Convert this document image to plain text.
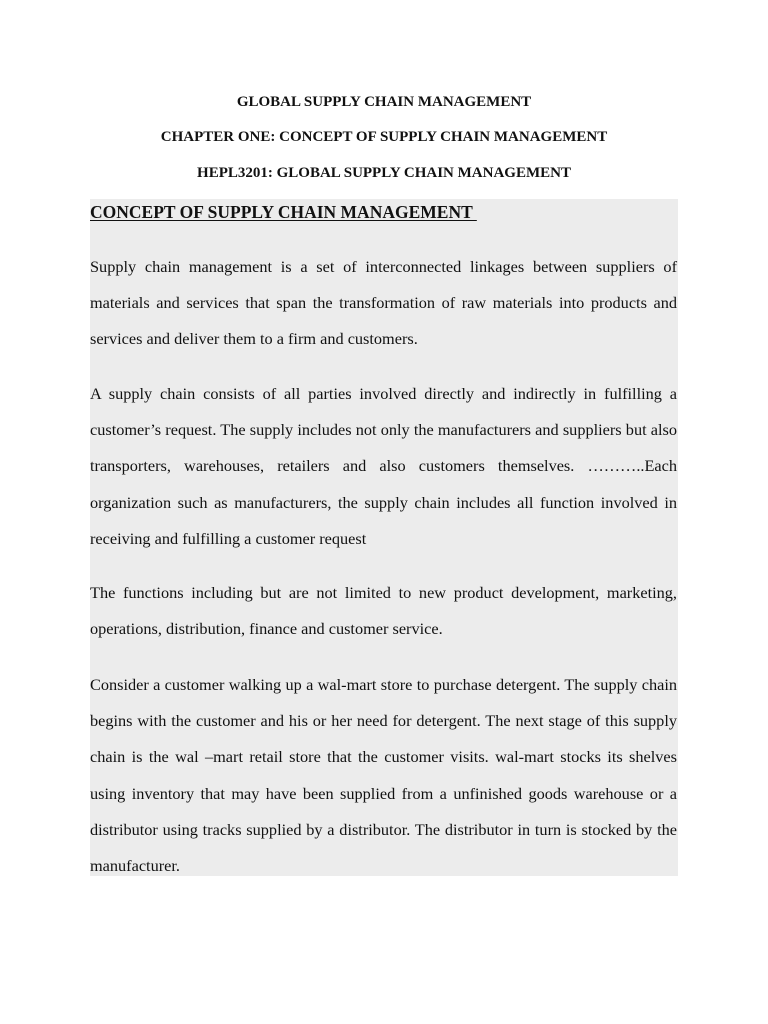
GLOBAL SUPPLY CHAIN MANAGEMENT
CHAPTER ONE: CONCEPT OF SUPPLY CHAIN MANAGEMENT
HEPL3201: GLOBAL SUPPLY CHAIN MANAGEMENT
CONCEPT OF SUPPLY CHAIN MANAGEMENT

Supply chain management is a set of interconnected linkages between suppliers of materials and services that span the transformation of raw materials into products and services and deliver them to a firm and customers.

A supply chain consists of all parties involved directly and indirectly in fulfilling a customer’s request. The supply includes not only the manufacturers and suppliers but also transporters, warehouses, retailers and also customers themselves. ………..Each organization such as manufacturers, the supply chain includes all function involved in receiving and fulfilling a customer request

The functions including but are not limited to new product development, marketing, operations, distribution, finance and customer service.

Consider a customer walking up a wal-mart store to purchase detergent. The supply chain begins with the customer and his or her need for detergent. The next stage of this supply chain is the wal –mart retail store that the customer visits. wal-mart stocks its shelves using inventory that may have been supplied from a unfinished goods warehouse or a distributor using tracks supplied by a distributor. The distributor in turn is stocked by the manufacturer.
